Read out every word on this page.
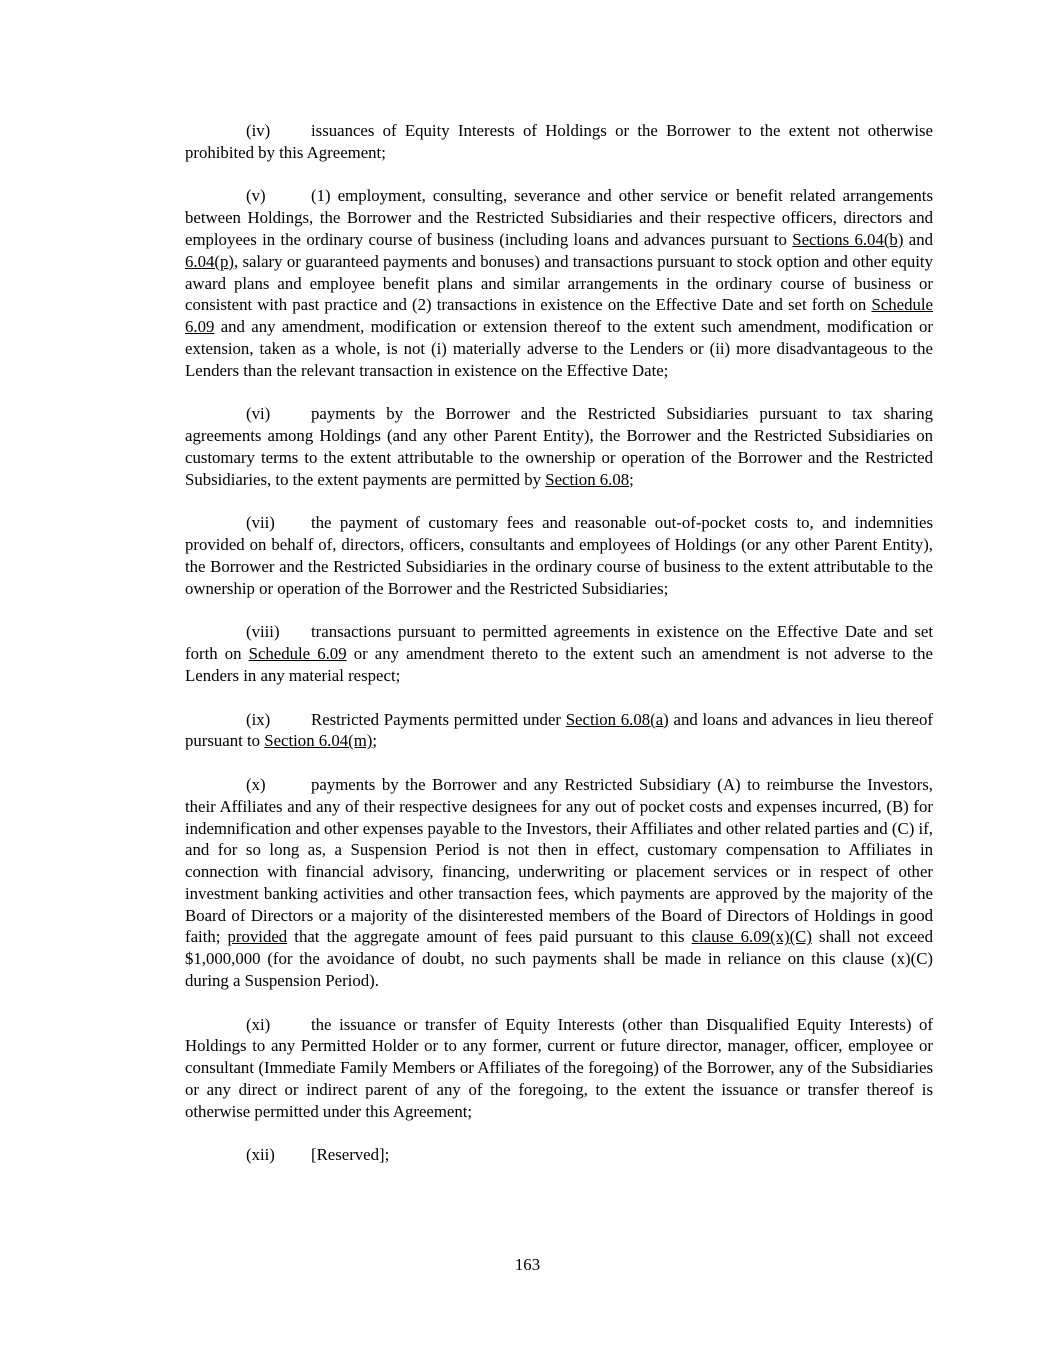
(iv) issuances of Equity Interests of Holdings or the Borrower to the extent not otherwise prohibited by this Agreement;

(v)	(1) employment, consulting, severance and other service or benefit related arrangements between Holdings, the Borrower and the Restricted Subsidiaries and their respective officers, directors and employees in the ordinary course of business (including loans and advances pursuant to Sections 6.04(b) and 6.04(p), salary or guaranteed payments and bonuses) and transactions pursuant to stock option and other equity award plans and employee benefit plans and similar arrangements in the ordinary course of business or consistent with past practice and (2) transactions in existence on the Effective Date and set forth on Schedule 6.09 and any amendment, modification or extension thereof to the extent such amendment, modification or extension, taken as a whole, is not (i) materially adverse to the Lenders or (ii) more disadvantageous to the Lenders than the relevant transaction in existence on the Effective Date;

(vi) payments by the Borrower and the Restricted Subsidiaries pursuant to tax sharing agreements among Holdings (and any other Parent Entity), the Borrower and the Restricted Subsidiaries on customary terms to the extent attributable to the ownership or operation of the Borrower and the Restricted Subsidiaries, to the extent payments are permitted by Section 6.08;

(vii) the payment of customary fees and reasonable out-of-pocket costs to, and indemnities provided on behalf of, directors, officers, consultants and employees of Holdings (or any other Parent Entity), the Borrower and the Restricted Subsidiaries in the ordinary course of business to the extent attributable to the ownership or operation of the Borrower and the Restricted Subsidiaries;

(viii) transactions pursuant to permitted agreements in existence on the Effective Date and set forth on Schedule 6.09 or any amendment thereto to the extent such an amendment is not adverse to the Lenders in any material respect;

(ix) Restricted Payments permitted under Section 6.08(a) and loans and advances in lieu thereof pursuant to Section 6.04(m);

(x)	payments by the Borrower and any Restricted Subsidiary (A) to reimburse the Investors, their Affiliates and any of their respective designees for any out of pocket costs and expenses incurred, (B) for indemnification and other expenses payable to the Investors, their Affiliates and other related parties and (C) if, and for so long as, a Suspension Period is not then in effect, customary compensation to Affiliates in connection with financial advisory, financing, underwriting or placement services or in respect of other investment banking activities and other transaction fees, which payments are approved by the majority of the Board of Directors or a majority of the disinterested members of the Board of Directors of Holdings in good faith; provided that the aggregate amount of fees paid pursuant to this clause 6.09(x)(C) shall not exceed $1,000,000 (for the avoidance of doubt, no such payments shall be made in reliance on this clause (x)(C) during a Suspension Period).

(xi) the issuance or transfer of Equity Interests (other than Disqualified Equity Interests) of Holdings to any Permitted Holder or to any former, current or future director, manager, officer, employee or consultant (Immediate Family Members or Affiliates of the foregoing) of the Borrower, any of the Subsidiaries or any direct or indirect parent of any of the foregoing, to the extent the issuance or transfer thereof is otherwise permitted under this Agreement;

(xii) [Reserved];

163
